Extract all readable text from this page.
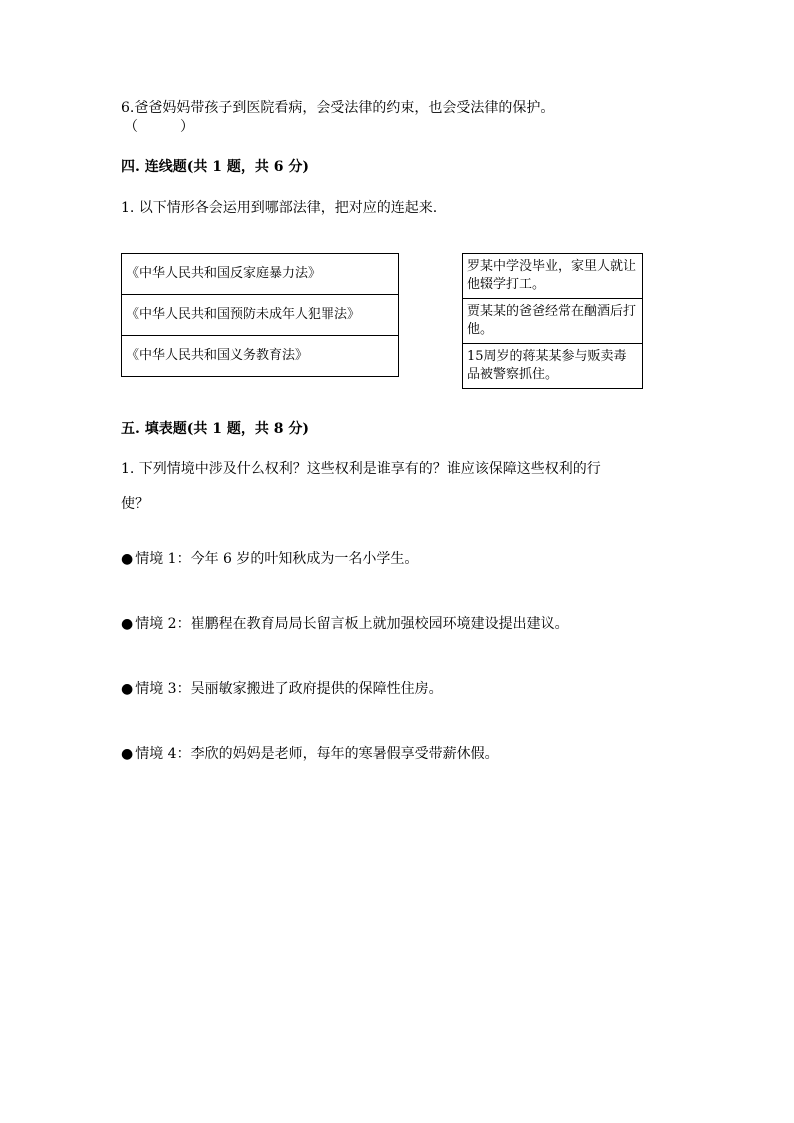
6.爸爸妈妈带孩子到医院看病，会受法律的约束，也会受法律的保护。
（　　　）
四. 连线题(共 1 题，共 6 分)
1. 以下情形各会运用到哪部法律，把对应的连起来.
《中华人民共和国反家庭暴力法》
《中华人民共和国预防未成年人犯罪法》
《中华人民共和国义务教育法》
罗某中学没毕业，家里人就让他辍学打工。
贾某某的爸爸经常在酗酒后打他。
15周岁的蒋某某参与贩卖毒品被警察抓住。
五. 填表题(共 1 题，共 8 分)
1. 下列情境中涉及什么权利？这些权利是谁享有的？谁应该保障这些权利的行
使？
● 情境 1：今年 6 岁的叶知秋成为一名小学生。
● 情境 2：崔鹏程在教育局局长留言板上就加强校园环境建设提出建议。
● 情境 3：吴丽敏家搬进了政府提供的保障性住房。
● 情境 4：李欣的妈妈是老师，每年的寒暑假享受带薪休假。
